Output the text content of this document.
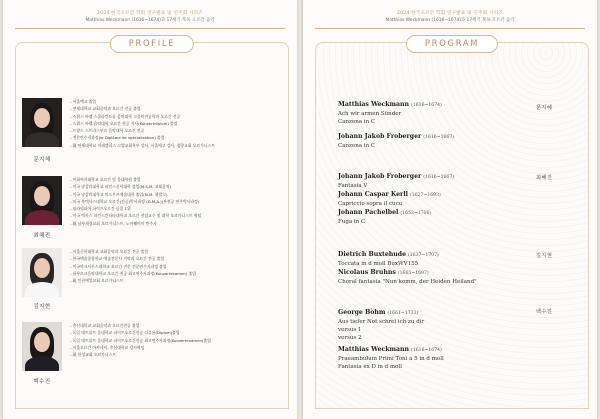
2024 한국오르간 학회 연구발표 및 연주회 시리즈
Matthias Weckmann (1616~1674)과 17세기 북독 오르간 음악
PROFILE
2024 한국오르간 학회 연구발표 및 연주회 시리즈
Matthias Weckmann (1616~1674)과 17세기 북독 오르간 음악
PROGRAM
문지혜
- 서울예고 졸업
- 연세대학교 교회음악과 오르간 전공 졸업
- 스위스 바젤 스콜라칸토룸 음악대학 고음악전공학과 오르간 전공
- 스위스 바젤 음악대학 오르간 전공 석사(Konzertdiplom) 졸업
- 프랑스 스트라스부르 음악대학 오르간 전공
- 전문연주자과정(le Diplôme de spécialisation) 졸업
- 現 연세대학교 미래캠퍼스 고법교회학부 강사, 서울예고 강사, 경향교회 오르가니스트
최혜진
- 이화여자대학교 오르간 및 음대학원 졸업
- 미국 남감리대학교 파킨스신학대학 졸업(M.S.M. 교회음악)
- 미국 남감리대학교 미도우즈예술대학 졸업(M.M. 쳄발로)
- 미국 북텍사스대학교 오르간(전공)박사과정 (D.M.A.)(부전공 연주박사과정)
- 필라델피아 파이프오르간 콩쿨 1위
- 미국 텍사스 파킨스칸타타대학교 오르간 전임교수 및 대학 오르가니스트 역임
- 現 남부재림교회 오르가니스트, 노아웨이미 반주자
김지현
- 서울신학대학교 교회음악과 오르간 전공 졸업
- 한국예술종합학교 예술전문사 기악과 오르간 전공 졸업
- 미국마크사우스대학교 오르간 전문 전문연주자과정 졸업
- 함부르크음악대학교 오르간 전공 최고연주자과정(Konzertexamen) 졸업
- 現 인천예일교회 오르가니스트
백수진
- 총신대학교 교회음악과 오르간전공 졸업
- 독일 데트몰트 음대학교 파이프오르간전공 디플롬(Diplom)졸업
- 독일 데트몰트 음대학교 파이프오르간전공 최고연주자과정(Konzertexamen)졸업
- 서울오르간 아카데미, 총신대학교 강사역임
- 現 한성교회 오르가니스트
문지혜
Matthias Weckmann (1616~1674)
Ach wir armen Sünder
Canzona in C
Johann Jakob Froberger (1616~1667)
Canzona in C
최혜진
Johann Jakob Froberger (1616~1667)
Fantasia V
Johann Caspar Kerll (1627~1693)
Capriccio sopra il cucu
Johann Pachelbel (1653~1706)
Fuga in C
김지현
Dietrich Buxtehude (1637~1707)
Toccata in d moll BuxWV155
Nicolaus Bruhns (1665~1697)
Choral fantasia "Nun komm, der Heiden Heiland"
백수진
George Böhm (1661~1733)
Aus tiefer Not schrei ich zu dir
versus 1
versus 2
Matthias Weckmann (1616~1674)
Praeambulum Primi Toni a 5 in d moll
Fantasia ex D in d moll
